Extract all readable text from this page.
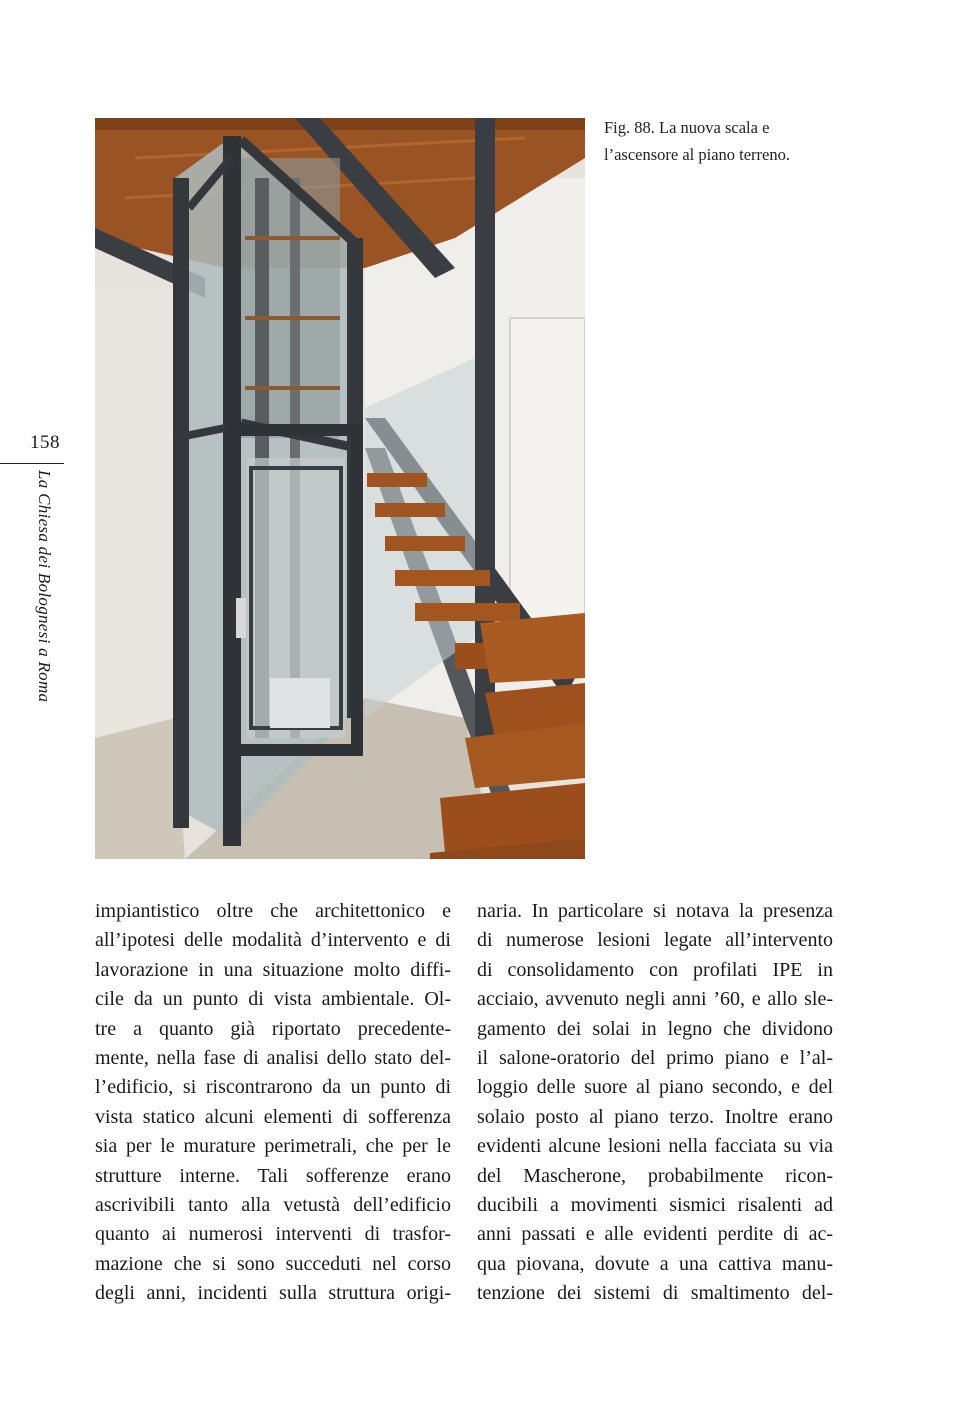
158
La Chiesa dei Bolognesi a Roma
Fig. 88. La nuova scala e
l’ascensore al piano terreno.
impiantistico oltre che architettonico e
all’ipotesi delle modalità d’intervento e di
lavorazione in una situazione molto diffi-
cile da un punto di vista ambientale. Ol-
tre a quanto già riportato precedente-
mente, nella fase di analisi dello stato del-
l’edificio, si riscontrarono da un punto di
vista statico alcuni elementi di sofferenza
sia per le murature perimetrali, che per le
strutture interne. Tali sofferenze erano
ascrivibili tanto alla vetustà dell’edificio
quanto ai numerosi interventi di trasfor-
mazione che si sono succeduti nel corso
degli anni, incidenti sulla struttura origi-
naria. In particolare si notava la presenza
di numerose lesioni legate all’intervento
di consolidamento con profilati IPE in
acciaio, avvenuto negli anni ’60, e allo sle-
gamento dei solai in legno che dividono
il salone-oratorio del primo piano e l’al-
loggio delle suore al piano secondo, e del
solaio posto al piano terzo. Inoltre erano
evidenti alcune lesioni nella facciata su via
del Mascherone, probabilmente ricon-
ducibili a movimenti sismici risalenti ad
anni passati e alle evidenti perdite di ac-
qua piovana, dovute a una cattiva manu-
tenzione dei sistemi di smaltimento del-
